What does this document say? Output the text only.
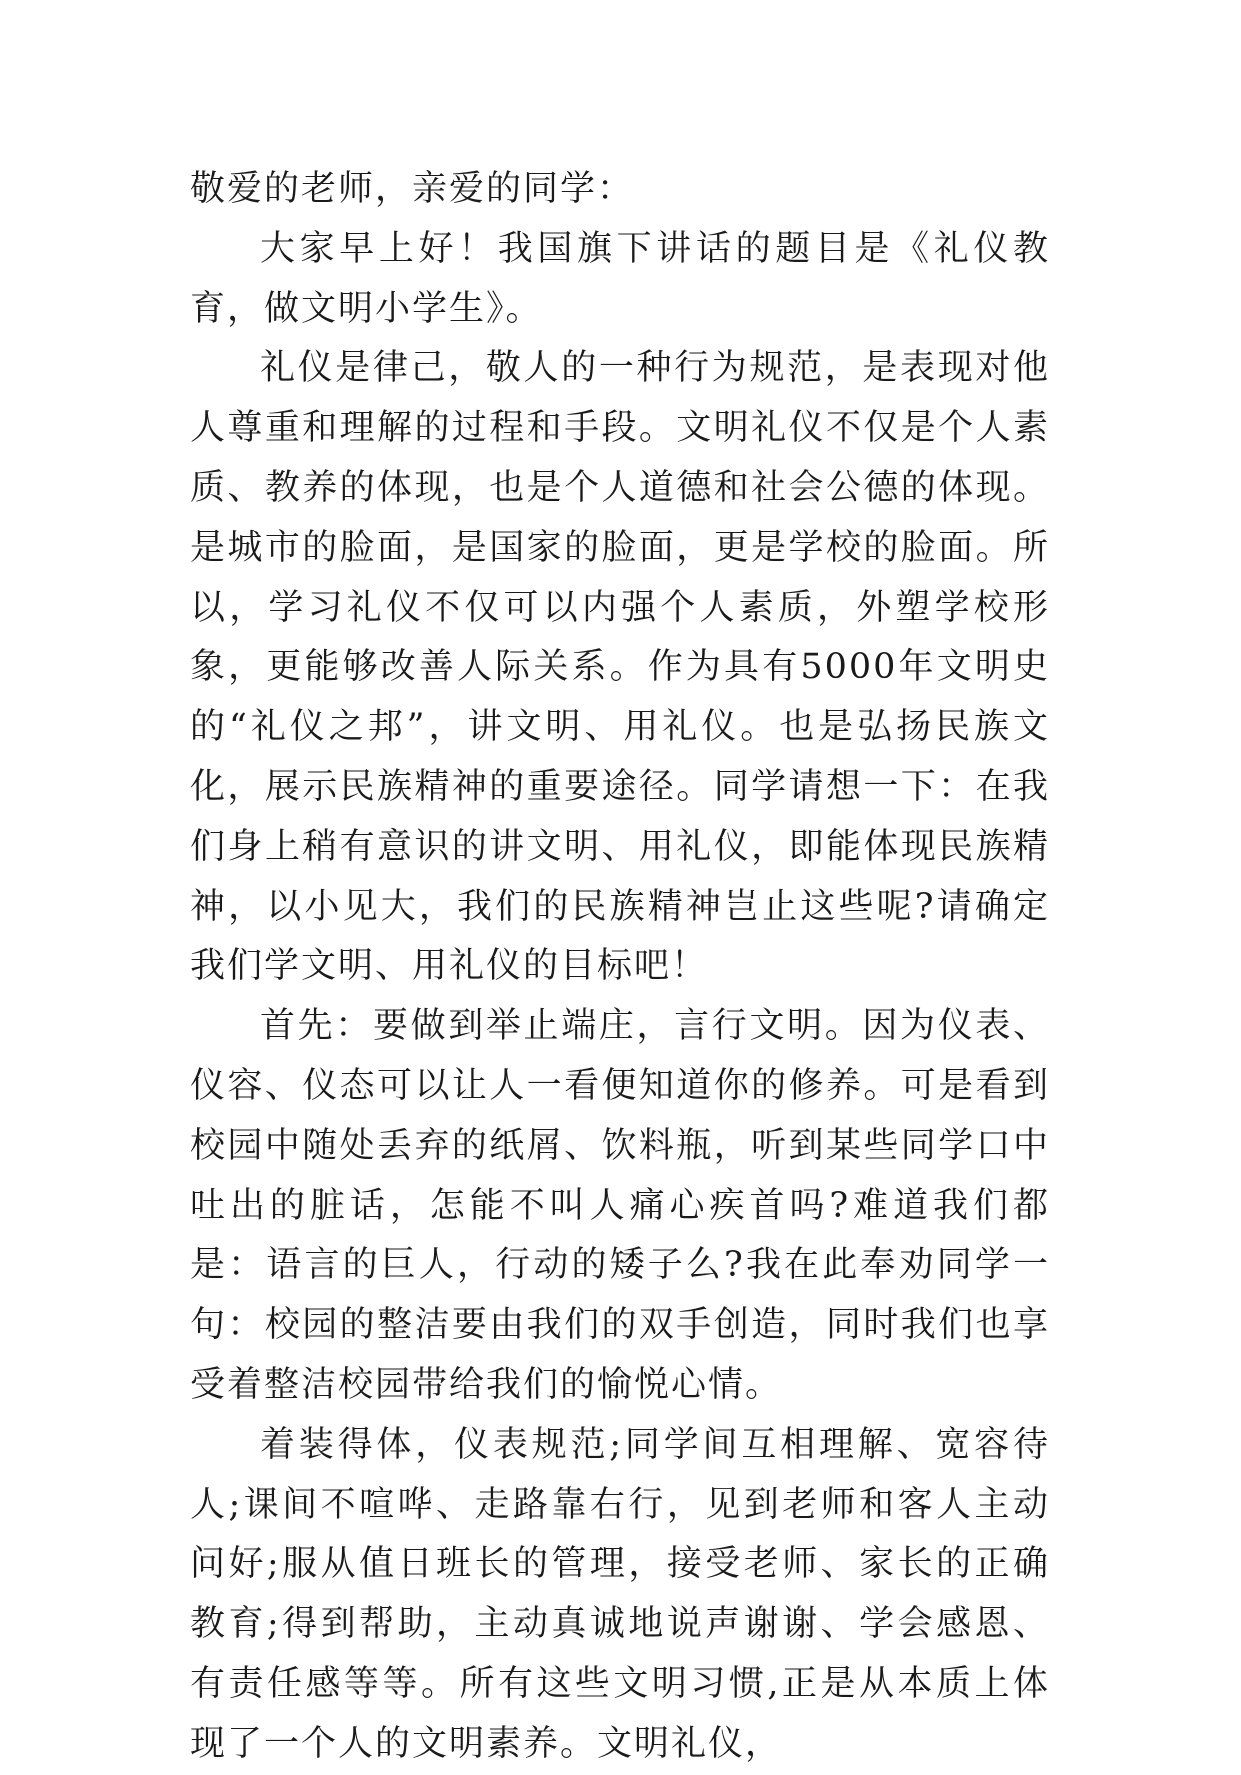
敬爱的老师，亲爱的同学：

大家早上好！我国旗下讲话的题目是《礼仪教育，做文明小学生》。

礼仪是律己，敬人的一种行为规范，是表现对他人尊重和理解的过程和手段。文明礼仪不仅是个人素质、教养的体现，也是个人道德和社会公德的体现。是城市的脸面，是国家的脸面，更是学校的脸面。所以，学习礼仪不仅可以内强个人素质，外塑学校形象，更能够改善人际关系。作为具有5000年文明史的“礼仪之邦”，讲文明、用礼仪。也是弘扬民族文化，展示民族精神的重要途径。同学请想一下：在我们身上稍有意识的讲文明、用礼仪，即能体现民族精神，以小见大，我们的民族精神岂止这些呢?请确定我们学文明、用礼仪的目标吧！

首先：要做到举止端庄，言行文明。因为仪表、仪容、仪态可以让人一看便知道你的修养。可是看到校园中随处丢弃的纸屑、饮料瓶，听到某些同学口中吐出的脏话，怎能不叫人痛心疾首吗?难道我们都是：语言的巨人，行动的矮子么?我在此奉劝同学一句：校园的整洁要由我们的双手创造，同时我们也享受着整洁校园带给我们的愉悦心情。

着装得体，仪表规范;同学间互相理解、宽容待人;课间不喧哗、走路靠右行，见到老师和客人主动问好;服从值日班长的管理，接受老师、家长的正确教育;得到帮助，主动真诚地说声谢谢、学会感恩、有责任感等等。所有这些文明习惯,正是从本质上体现了一个人的文明素养。文明礼仪，
